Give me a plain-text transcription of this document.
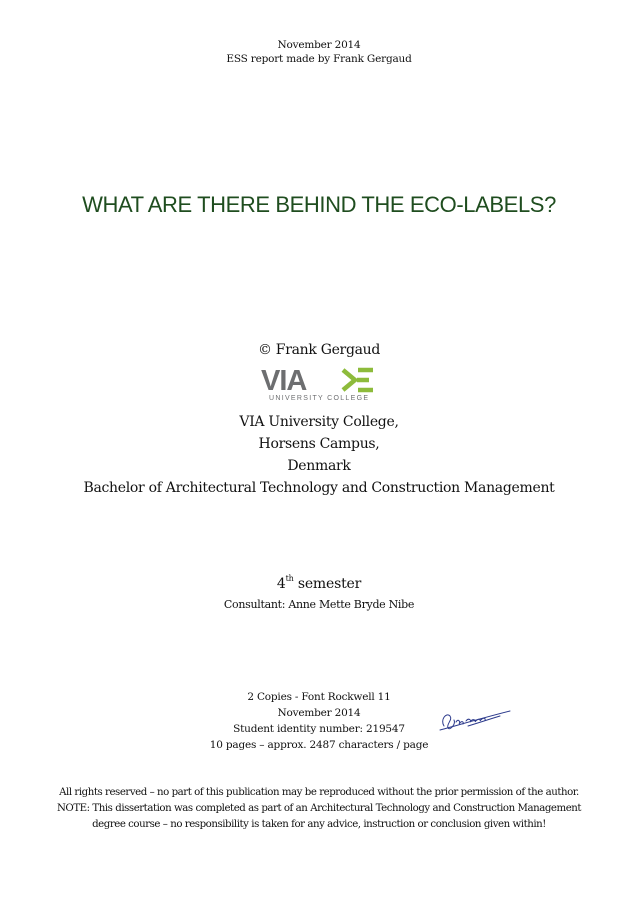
November 2014
ESS report made by Frank Gergaud
WHAT ARE THERE BEHIND THE ECO-LABELS?
© Frank Gergaud
VIA
UNIVERSITY COLLEGE
VIA University College,
Horsens Campus,
Denmark
Bachelor of Architectural Technology and Construction Management
4th semester
Consultant: Anne Mette Bryde Nibe
2 Copies - Font Rockwell 11
November 2014
Student identity number: 219547
10 pages – approx. 2487 characters / page
All rights reserved – no part of this publication may be reproduced without the prior permission of the author.
NOTE: This dissertation was completed as part of an Architectural Technology and Construction Management
degree course – no responsibility is taken for any advice, instruction or conclusion given within!
